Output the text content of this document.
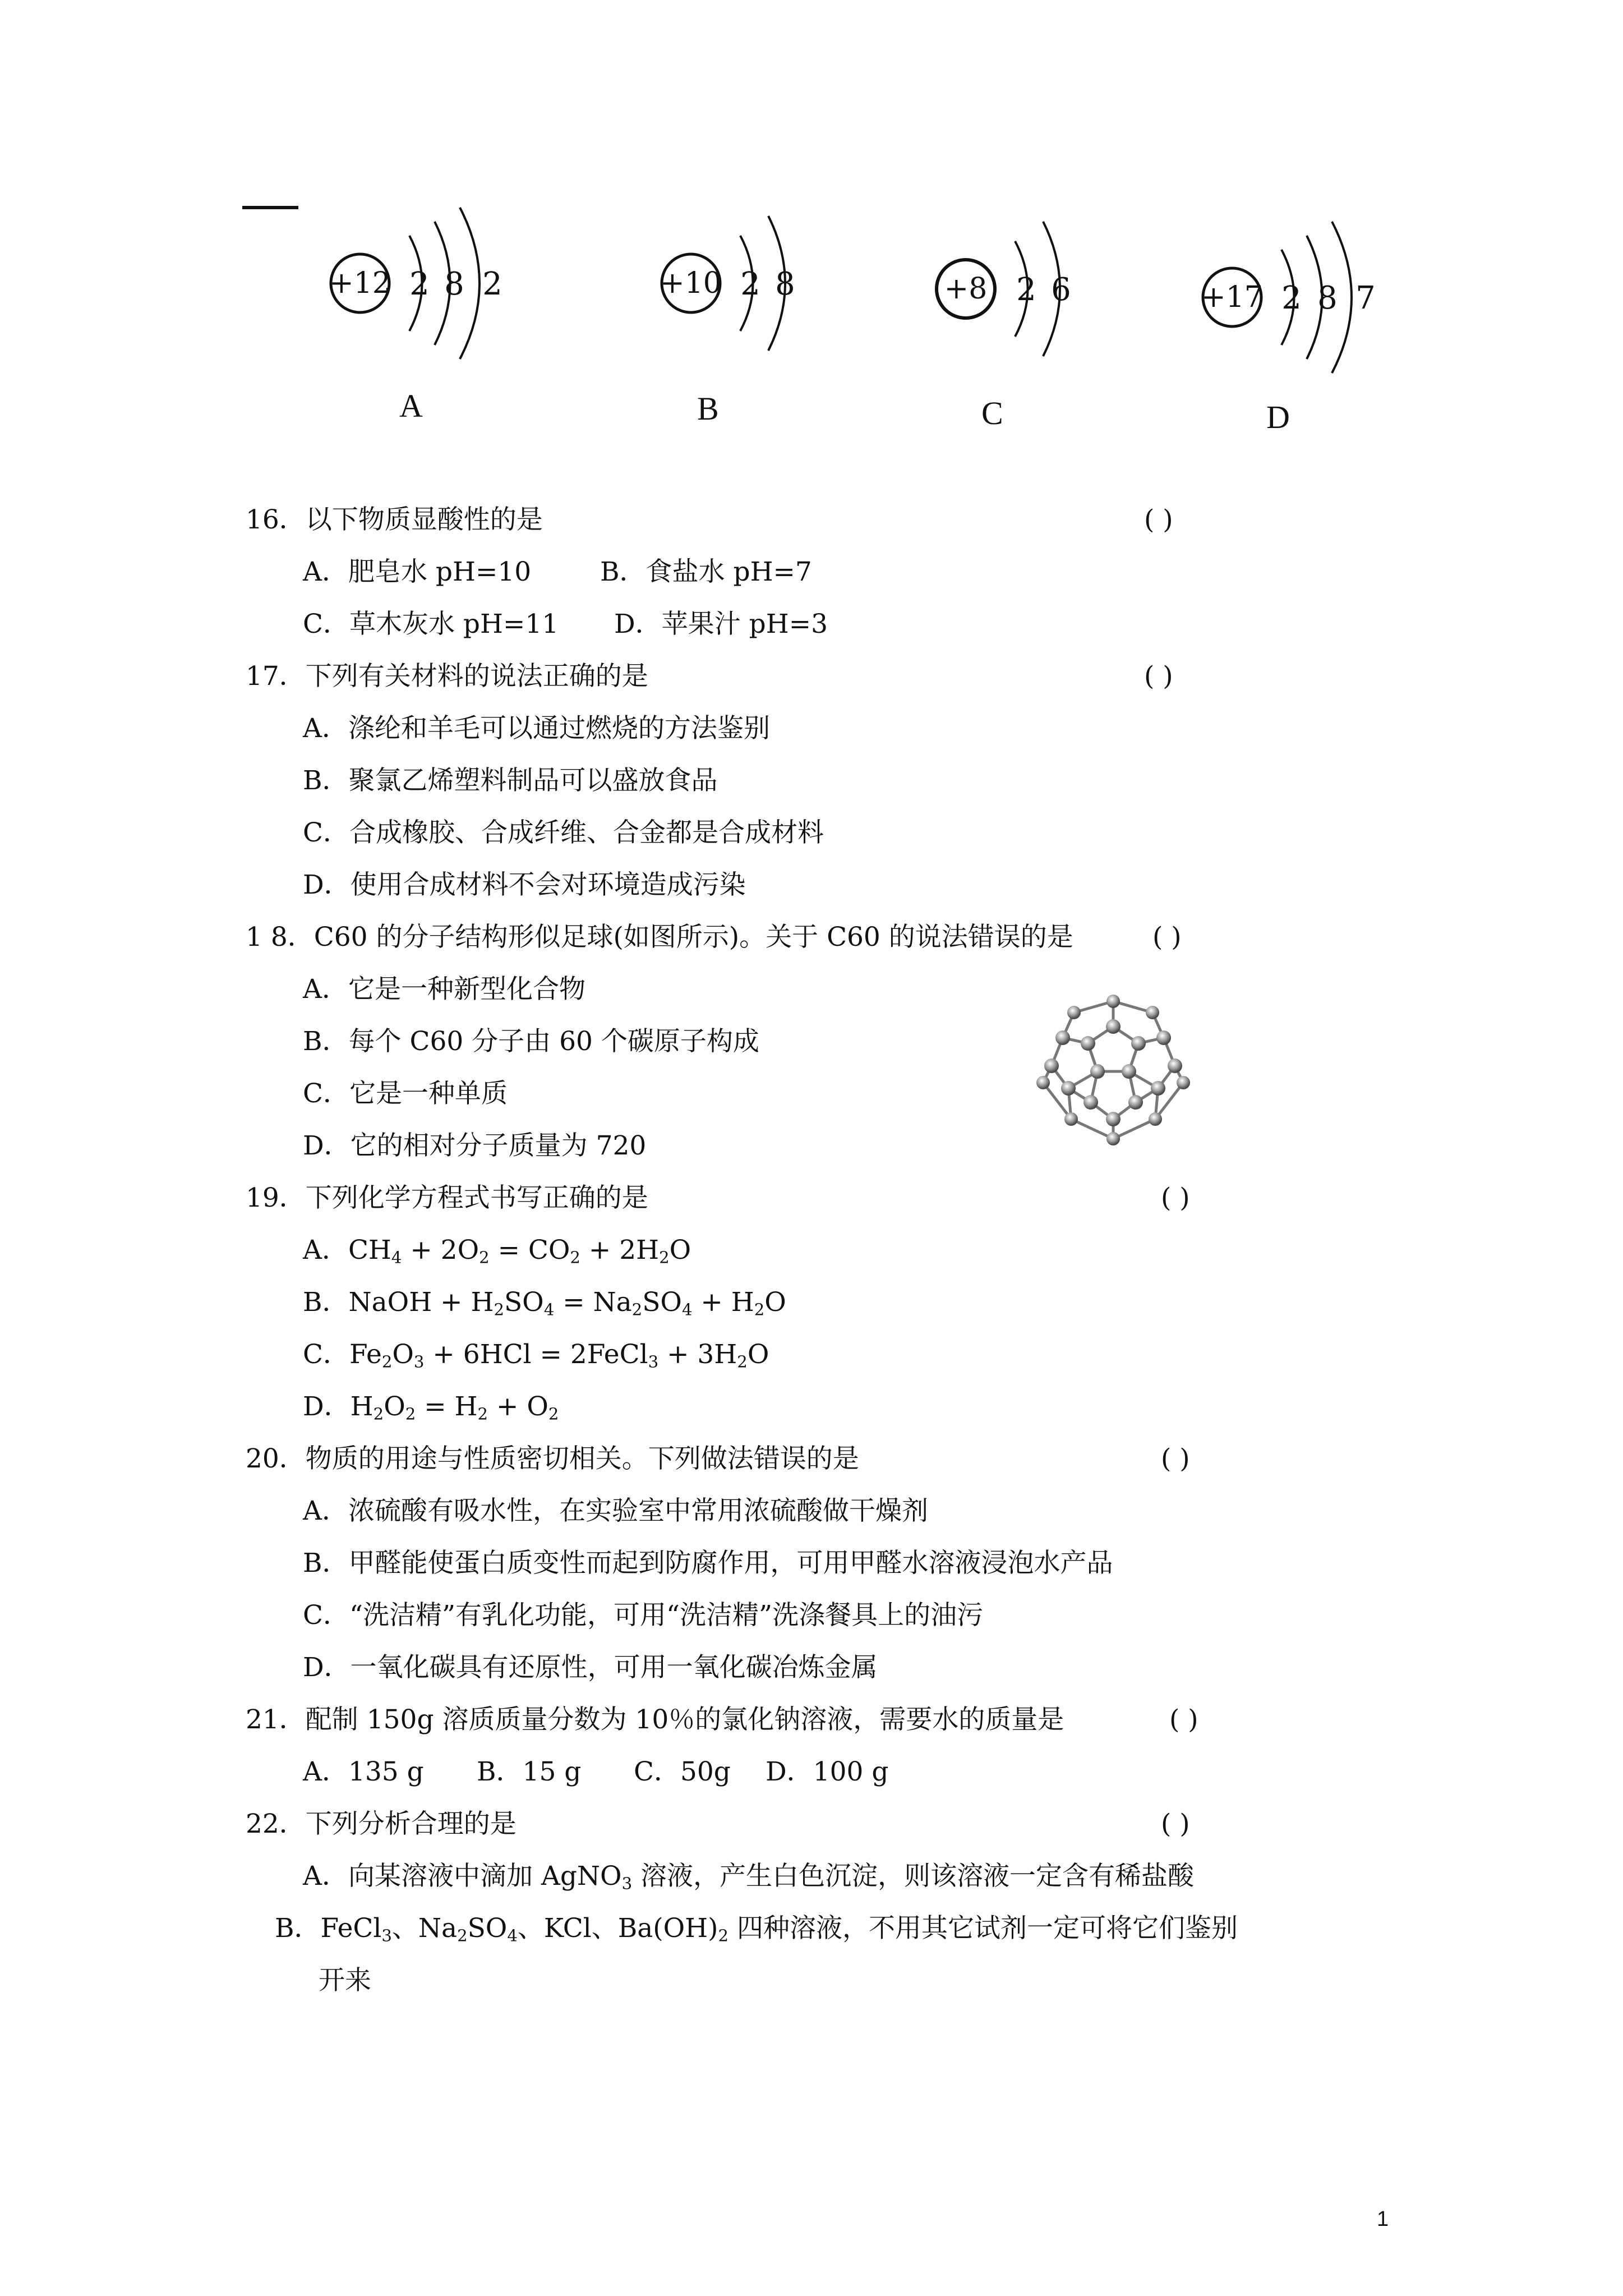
+12 2 8 2
A
+10 2 8
B
+8 2 6
C
+17 2 8 7
D
16．以下物质显酸性的是	( )
A．肥皂水 pH=10	B．食盐水 pH=7
C．草木灰水 pH=11 D．苹果汁 pH=3
17．下列有关材料的说法正确的是	( )
A．涤纶和羊毛可以通过燃烧的方法鉴别
B．聚氯乙烯塑料制品可以盛放食品
C．合成橡胶、合成纤维、合金都是合成材料
D．使用合成材料不会对环境造成污染
1 8．C60 的分子结构形似足球(如图所示)。关于 C60 的说法错误的是	( )
A．它是一种新型化合物
B．每个 C60 分子由 60 个碳原子构成
C．它是一种单质
D．它的相对分子质量为 720
19．下列化学方程式书写正确的是	( )
A．$CH_4 + 2O_2 = CO_2 + 2H_2O$
B．NaOH + $H_2SO_4 = Na_2SO_4 + H_2O$
C．$Fe_2O_3 + 6HCl$ = 2FeCl$_3$ + $3H_2O$
D．$H_2O_2 = H_2 + O_2$
20．物质的用途与性质密切相关。下列做法错误的是	( )
A．浓硫酸有吸水性，在实验室中常用浓硫酸做干燥剂
B．甲醛能使蛋白质变性而起到防腐作用，可用甲醛水溶液浸泡水产品
C．“洗洁精”有乳化功能，可用“洗洁精”洗涤餐具上的油污
D．一氧化碳具有还原性，可用一氧化碳冶炼金属
21．配制 150g 溶质质量分数为 10％的氯化钠溶液，需要水的质量是	( )
A．135 g B．15 g C．50g D．100 g
22．下列分析合理的是	( )
A．向某溶液中滴加 AgNO$_3$ 溶液，产生白色沉淀，则该溶液一定含有稀盐酸
B．FeCl$_3$、$Na_2SO_4$、KCl、$Ba(OH)_2$ 四种溶液，不用其它试剂一定可将它们鉴别
开来
1
